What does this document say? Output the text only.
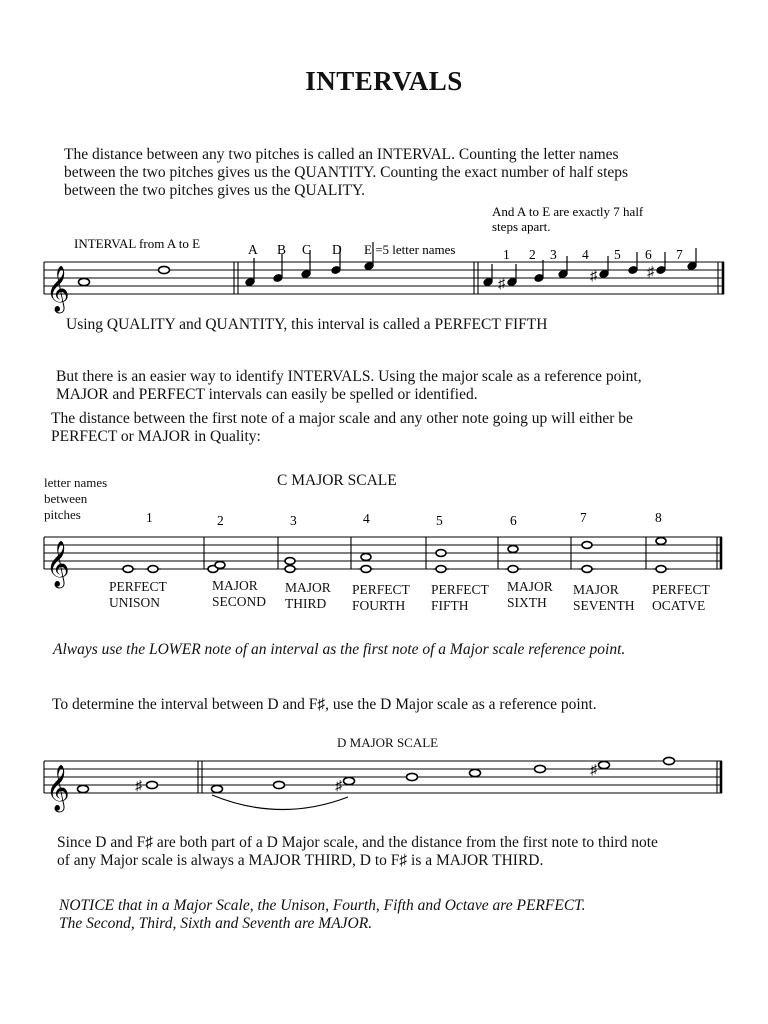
INTERVALS
The distance between any two pitches is called an INTERVAL. Counting the letter names
between the two pitches gives us the QUANTITY. Counting the exact number of half steps
between the two pitches gives us the QUALITY.
And A to E are exactly 7 half
steps apart.
INTERVAL from A to E	A B C D E =5 letter names	1 2 3 4 5 6 7
𝄞	♯
♯	♯
Using QUALITY and QUANTITY, this interval is called a PERFECT FIFTH
But there is an easier way to identify INTERVALS. Using the major scale as a reference point,
MAJOR and PERFECT intervals can easily be spelled or identified.
The distance between the first note of a major scale and any other note going up will either be
PERFECT or MAJOR in Quality:
letter names
between
pitches
C MAJOR SCALE
1	2	3	4	5	6	7	8
𝄞
PERFECT
UNISON
MAJOR
SECOND
MAJOR
THIRD
PERFECT
FOURTH
PERFECT
FIFTH
MAJOR
SIXTH
MAJOR
SEVENTH
PERFECT
OCATVE
Always use the LOWER note of an interval as the first note of a Major scale reference point.
To determine the interval between D and F♯, use the D Major scale as a reference point.
D MAJOR SCALE
𝄞	♯	♯
♯
Since D and F♯ are both part of a D Major scale, and the distance from the first note to third note
of any Major scale is always a MAJOR THIRD, D to F♯ is a MAJOR THIRD.
NOTICE that in a Major Scale, the Unison, Fourth, Fifth and Octave are PERFECT.
The Second, Third, Sixth and Seventh are MAJOR.
